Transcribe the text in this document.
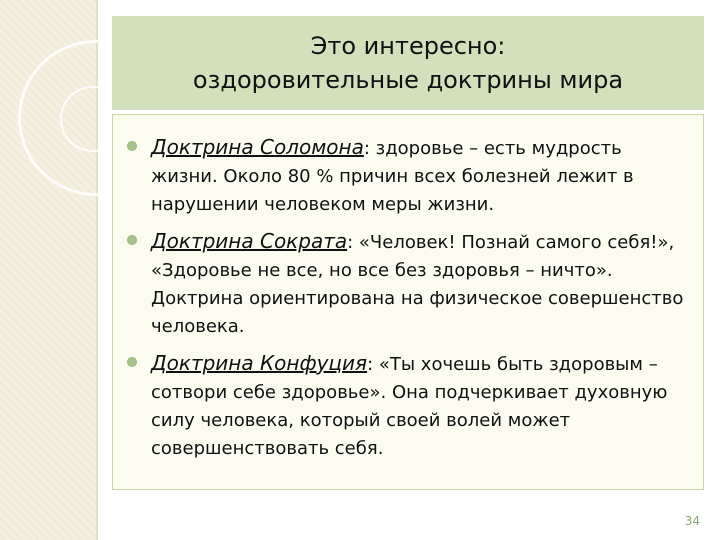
Это интересно:
оздоровительные доктрины мира
Доктрина Соломона: здоровье – есть мудрость жизни. Около 80 % причин всех болезней лежит в нарушении человеком меры жизни.
Доктрина Сократа: «Человек! Познай самого себя!», «Здоровье не все, но все без здоровья – ничто». Доктрина ориентирована на физическое совершенство человека.
Доктрина Конфуция: «Ты хочешь быть здоровым – сотвори себе здоровье». Она подчеркивает духовную силу человека, который своей волей может совершенствовать себя.
34
